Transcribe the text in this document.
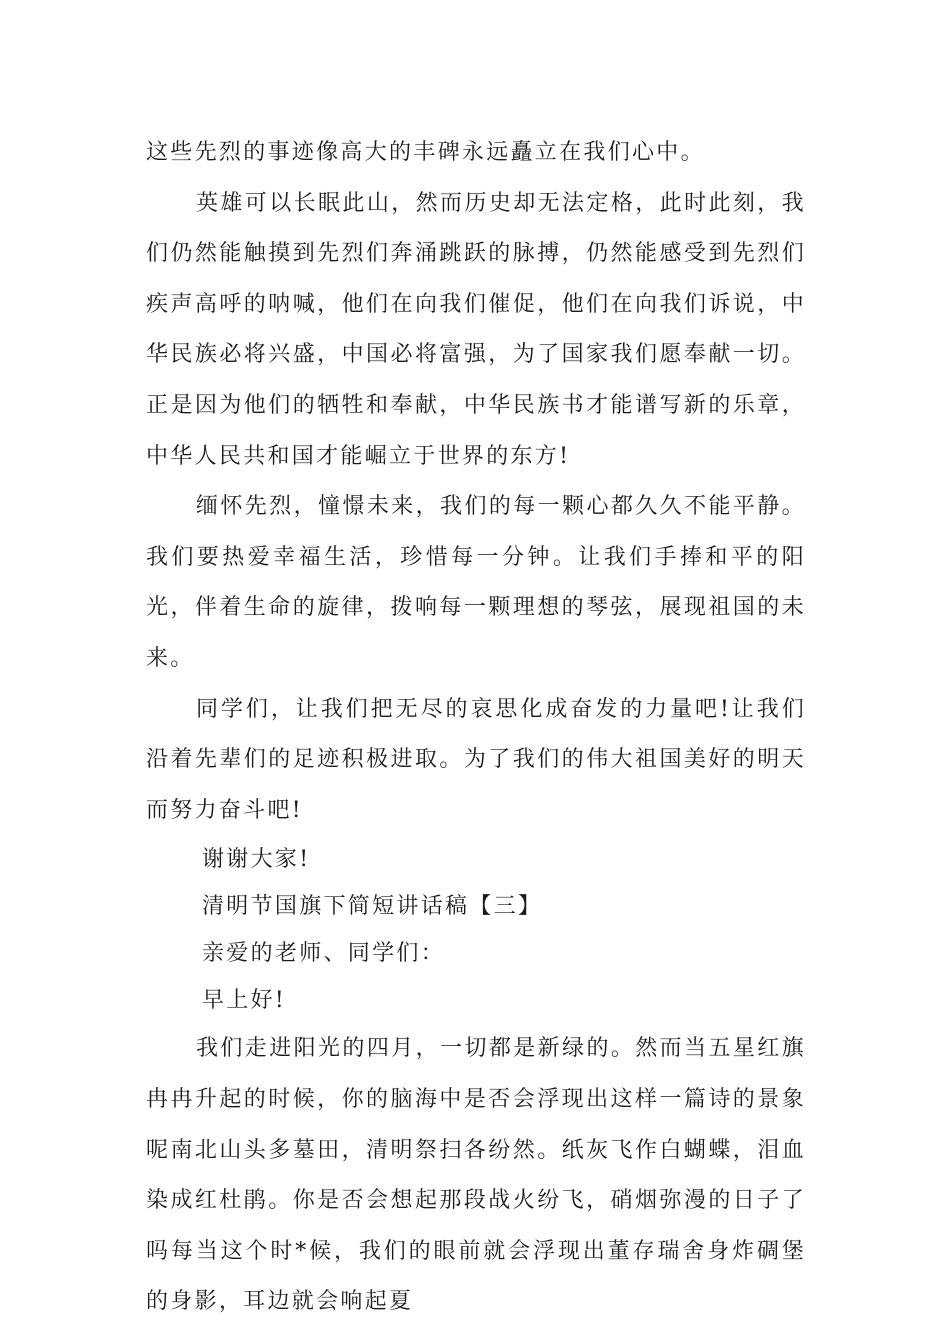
这些先烈的事迹像高大的丰碑永远矗立在我们心中。

英雄可以长眠此山，然而历史却无法定格，此时此刻，我们仍然能触摸到先烈们奔涌跳跃的脉搏，仍然能感受到先烈们疾声高呼的呐喊，他们在向我们催促，他们在向我们诉说，中华民族必将兴盛，中国必将富强，为了国家我们愿奉献一切。正是因为他们的牺牲和奉献，中华民族书才能谱写新的乐章，中华人民共和国才能崛立于世界的东方!

缅怀先烈，憧憬未来，我们的每一颗心都久久不能平静。我们要热爱幸福生活，珍惜每一分钟。让我们手捧和平的阳光，伴着生命的旋律，拨响每一颗理想的琴弦，展现祖国的未来。

同学们，让我们把无尽的哀思化成奋发的力量吧!让我们沿着先辈们的足迹积极进取。为了我们的伟大祖国美好的明天而努力奋斗吧!

谢谢大家!

清明节国旗下简短讲话稿【三】

亲爱的老师、同学们：

早上好!

我们走进阳光的四月，一切都是新绿的。然而当五星红旗冉冉升起的时候，你的脑海中是否会浮现出这样一篇诗的景象呢南北山头多墓田，清明祭扫各纷然。纸灰飞作白蝴蝶，泪血染成红杜鹃。你是否会想起那段战火纷飞，硝烟弥漫的日子了吗每当这个时*候，我们的眼前就会浮现出董存瑞舍身炸碉堡的身影，耳边就会响起夏
